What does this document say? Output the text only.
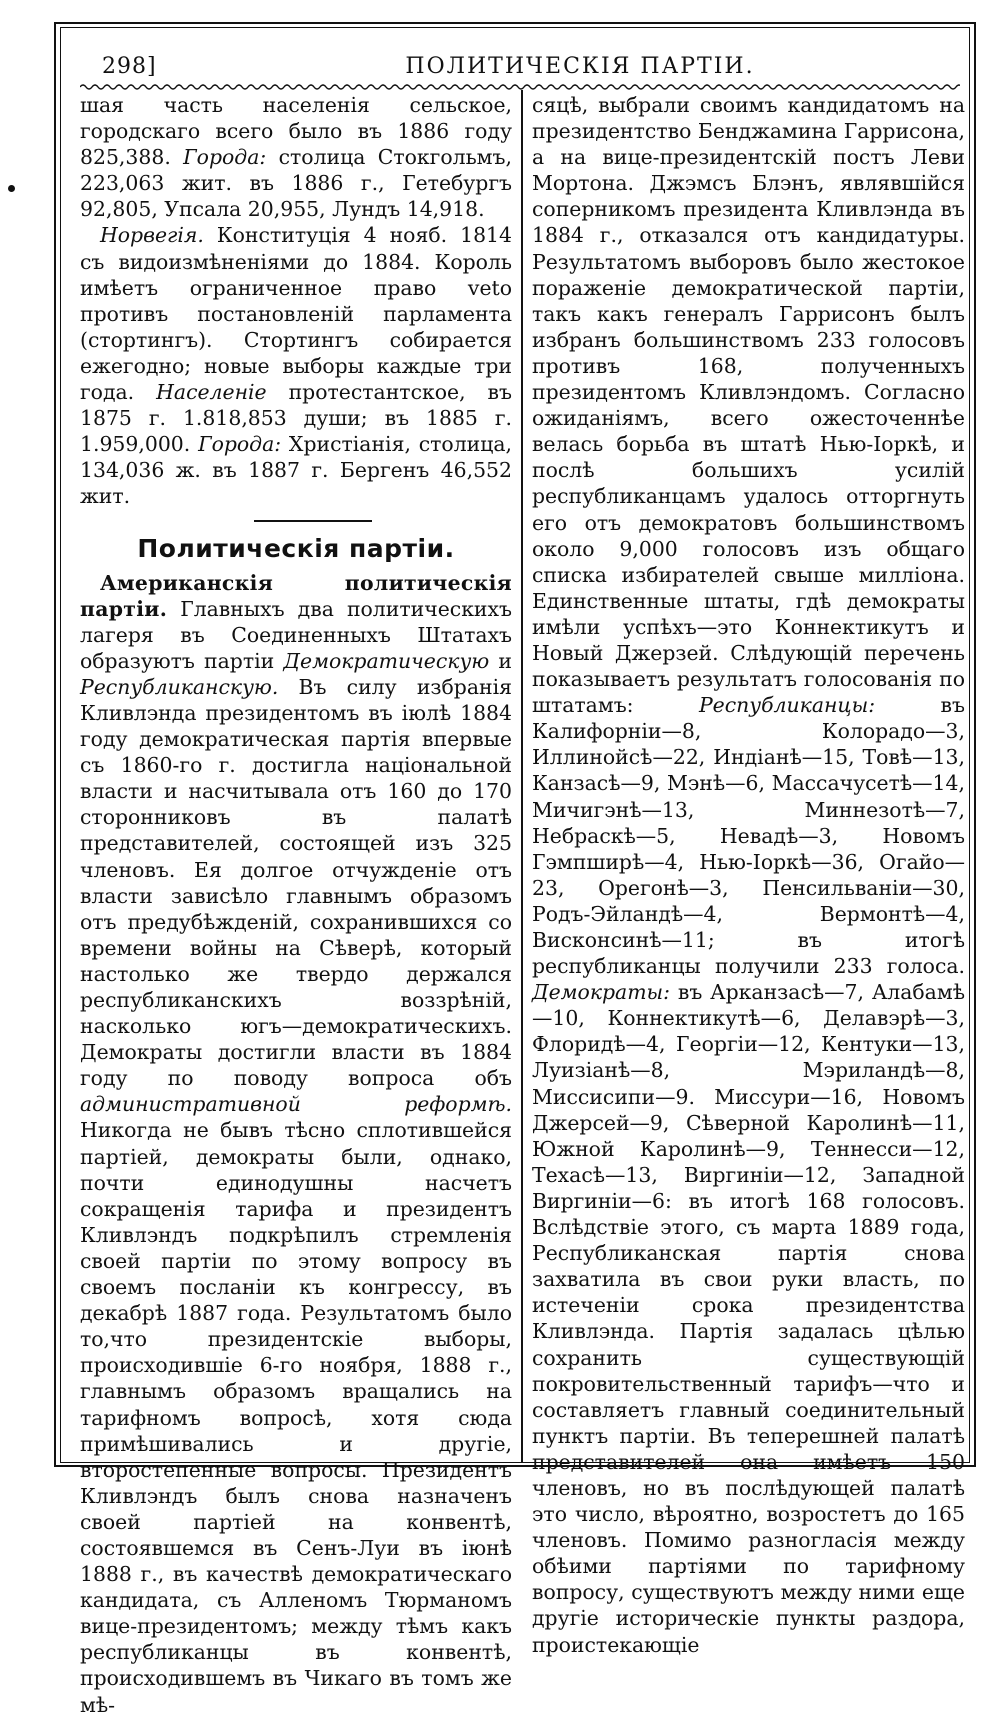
298]	ПОЛИТИЧЕСКІЯ ПАРТІИ.

шая часть населенія сельское, городскаго всего было въ 1886 году 825,388. Города: столица Стокгольмъ, 223,063 жит. въ 1886 г., Гетебургъ 92,805, Упсала 20,955, Лундъ 14,918.

Норвегія. Конституція 4 нояб. 1814 съ видоизмѣненіями до 1884. Король имѣетъ ограниченное право veto противъ постановленій парламента (стортингъ). Стортингъ собирается ежегодно; новые выборы каждые три года. Населеніе протестантское, въ 1875 г. 1.818,853 души; въ 1885 г. 1.959,000. Города: Христіанія, столица, 134,036 ж. въ 1887 г. Бергенъ 46,552 жит.

Политическія партіи.

Американскія политическія партіи. Главныхъ два политическихъ лагеря въ Соединенныхъ Штатахъ образуютъ партіи Демократическую и Республиканскую. Въ силу избранія Кливлэнда президентомъ въ іюлѣ 1884 году демократическая партія впервые съ 1860-го г. достигла національной власти и насчитывала отъ 160 до 170 сторонниковъ въ палатѣ представителей, состоящей изъ 325 членовъ. Ея долгое отчужденіе отъ власти зависѣло главнымъ образомъ отъ предубѣжденій, сохранившихся со времени войны на Сѣверѣ, который настолько же твердо держался республиканскихъ воззрѣній, насколько югъ—демократическихъ. Демократы достигли власти въ 1884 году по поводу вопроса объ административной реформѣ. Никогда не бывъ тѣсно сплотившейся партіей, демократы были, однако, почти единодушны насчетъ сокращенія тарифа и президентъ Кливлэндъ подкрѣпилъ стремленія своей партіи по этому вопросу въ своемъ посланіи къ конгрессу, въ декабрѣ 1887 года. Результатомъ было то,что президентскіе выборы, происходившіе 6-го ноября, 1888 г., главнымъ образомъ вращались на тарифномъ вопросѣ, хотя сюда примѣшивались и другіе, второстепенные вопросы. Президентъ Кливлэндъ былъ снова назначенъ своей партіей на конвентѣ, состоявшемся въ Сенъ-Луи въ іюнѣ 1888 г., въ качествѣ демократическаго кандидата, съ Алленомъ Тюрманомъ вице-президентомъ; между тѣмъ какъ республиканцы въ конвентѣ, происходившемъ въ Чикаго въ томъ же мѣ-

сяцѣ, выбрали своимъ кандидатомъ на президентство Бенджамина Гаррисона, а на вице-президентскій постъ Леви Мортона. Джэмсъ Блэнъ, являвшійся соперникомъ президента Кливлэнда въ 1884 г., отказался отъ кандидатуры. Результатомъ выборовъ было жестокое пораженіе демократической партіи, такъ какъ генералъ Гаррисонъ былъ избранъ большинствомъ 233 голосовъ противъ 168, полученныхъ президентомъ Кливлэндомъ. Согласно ожиданіямъ, всего ожесточеннѣе велась борьба въ штатѣ Нью-Іоркѣ, и послѣ большихъ усилій республиканцамъ удалось отторгнуть его отъ демократовъ большинствомъ около 9,000 голосовъ изъ общаго списка избирателей свыше милліона. Единственные штаты, гдѣ демократы имѣли успѣхъ—это Коннектикутъ и Новый Джерзей. Слѣдующій перечень показываетъ результатъ голосованія по штатамъ: Республиканцы: въ Калифорніи—8, Колорадо—3, Иллинойсѣ—22, Индіанѣ—15, Товѣ—13, Канзасѣ—9, Мэнѣ—6, Массачусетѣ—14, Мичигэнѣ—13, Миннезотѣ—7, Небраскѣ—5, Невадѣ—3, Новомъ Гэмпширѣ—4, Нью-Іоркѣ—36, Огайо—23, Орегонѣ—3, Пенсильваніи—30, Родъ-Эйландѣ—4, Вермонтѣ—4, Висконсинѣ—11; въ итогѣ республиканцы получили 233 голоса. Демократы: въ Арканзасѣ—7, Алабамѣ—10, Коннектикутѣ—6, Делавэрѣ—3, Флоридѣ—4, Георгіи—12, Кентуки—13, Луизіанѣ—8, Мэриландѣ—8, Миссисипи—9. Миссури—16, Новомъ Джерсей—9, Сѣверной Каролинѣ—11, Южной Каролинѣ—9, Теннесси—12, Техасѣ—13, Виргиніи—12, Западной Виргиніи—6: въ итогѣ 168 голосовъ. Вслѣдствіе этого, съ марта 1889 года, Республиканская партія снова захватила въ свои руки власть, по истеченіи срока президентства Кливлэнда. Партія задалась цѣлью сохранить существующій покровительственный тарифъ—что и составляетъ главный соединительный пунктъ партіи. Въ теперешней палатѣ представителей она имѣетъ 150 членовъ, но въ послѣдующей палатѣ это число, вѣроятно, возростетъ до 165 членовъ. Помимо разногласія между обѣими партіями по тарифному вопросу, существуютъ между ними еще другіе историческіе пункты раздора, проистекающіе
